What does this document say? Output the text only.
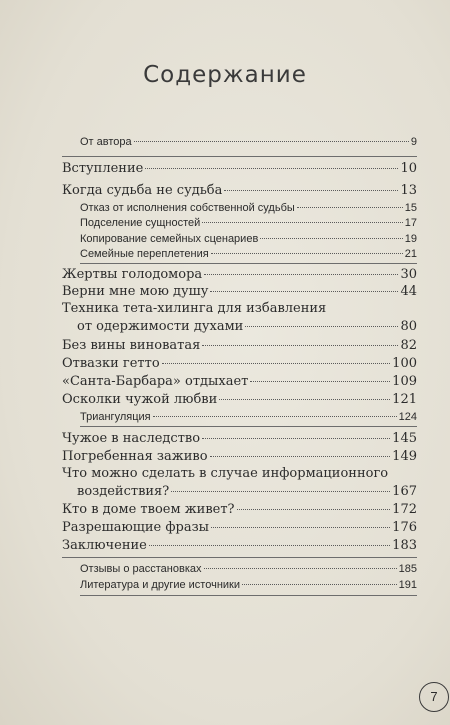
Содержание
От автора	9
Вступление	10
Когда судьба не судьба	13
Отказ от исполнения собственной судьбы	15
Подселение сущностей	17
Копирование семейных сценариев	19
Семейные переплетения	21
Жертвы голодомора	30
Верни мне мою душу	44
Техника тета-хилинга для избавления
от одержимости духами	80
Без вины виноватая	82
Отвазки гетто	100
«Санта-Барбара» отдыхает	109
Осколки чужой любви	121
Триангуляция	124
Чужое в наследство	145
Погребенная заживо	149
Что можно сделать в случае информационного
воздействия?	167
Кто в доме твоем живет?	172
Разрешающие фразы	176
Заключение	183
Отзывы о расстановках	185
Литература и другие источники	191
7
